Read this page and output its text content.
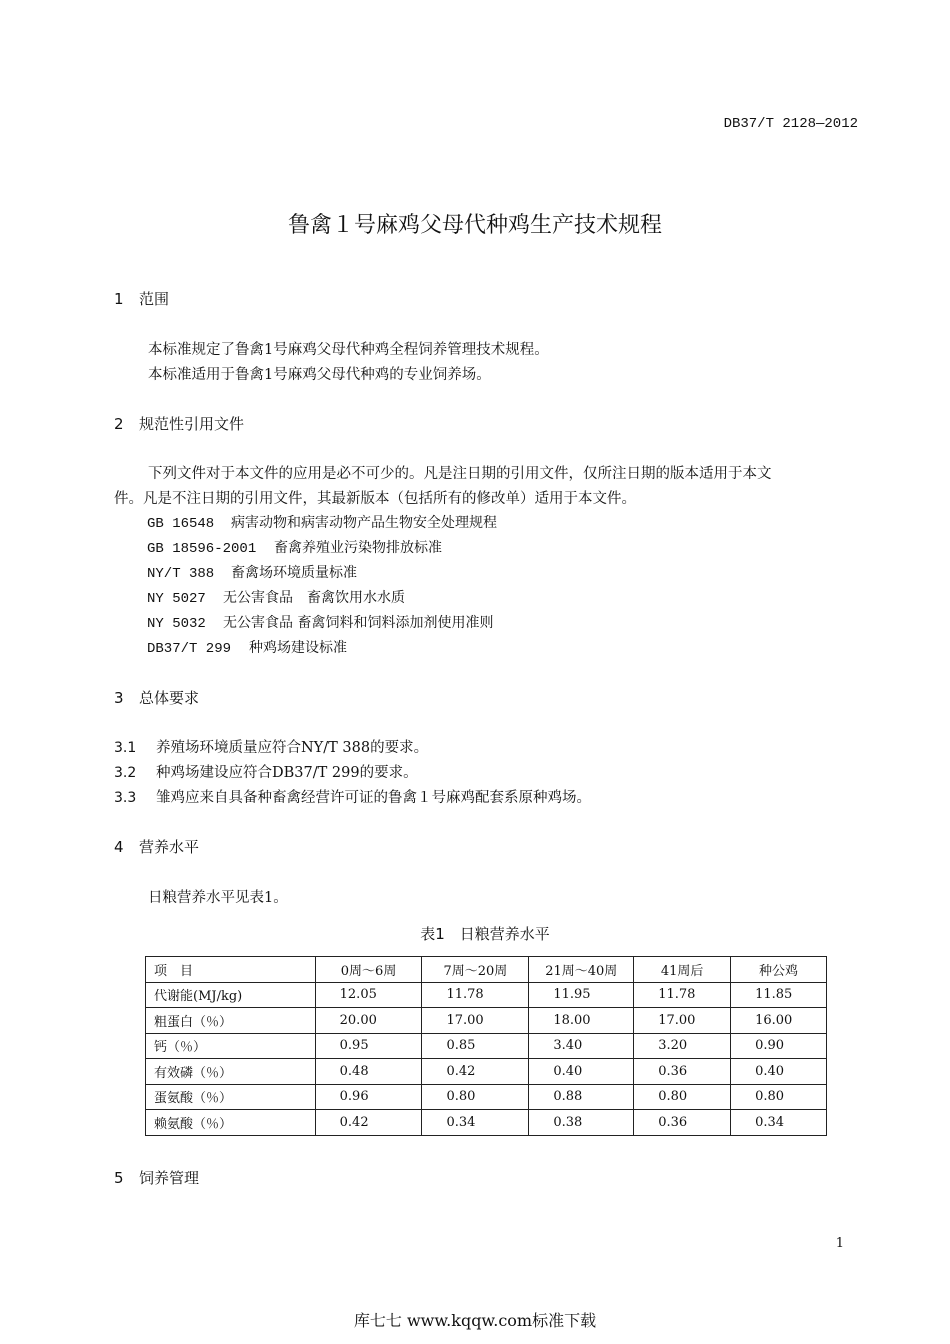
DB37/T 2128—2012
鲁禽１号麻鸡父母代种鸡生产技术规程
1 范围
本标准规定了鲁禽1号麻鸡父母代种鸡全程饲养管理技术规程。
本标准适用于鲁禽1号麻鸡父母代种鸡的专业饲养场。
2 规范性引用文件
下列文件对于本文件的应用是必不可少的。凡是注日期的引用文件，仅所注日期的版本适用于本文
件。凡是不注日期的引用文件，其最新版本（包括所有的修改单）适用于本文件。
GB 16548 病害动物和病害动物产品生物安全处理规程
GB 18596-2001 畜禽养殖业污染物排放标准
NY/T 388 畜禽场环境质量标准
NY 5027 无公害食品　畜禽饮用水水质
NY 5032 无公害食品 畜禽饲料和饲料添加剂使用准则
DB37/T 299 种鸡场建设标准
3 总体要求
3.1 养殖场环境质量应符合NY/T 388的要求。
3.2 种鸡场建设应符合DB37/T 299的要求。
3.3 雏鸡应来自具备种畜禽经营许可证的鲁禽１号麻鸡配套系原种鸡场。
4 营养水平
日粮营养水平见表1。
表1　日粮营养水平
项　目	0周～6周	7周～20周	21周～40周	41周后	种公鸡
代谢能(MJ/kg)	12.05	11.78	11.95	11.78	11.85
粗蛋白（％）	20.00	17.00	18.00	17.00	16.00
钙（％）	0.95	0.85	3.40	3.20	0.90
有效磷（％）	0.48	0.42	0.40	0.36	0.40
蛋氨酸（％）	0.96	0.80	0.88	0.80	0.80
赖氨酸（％）	0.42	0.34	0.38	0.36	0.34
5 饲养管理
1
库七七 www.kqqw.com标准下载
